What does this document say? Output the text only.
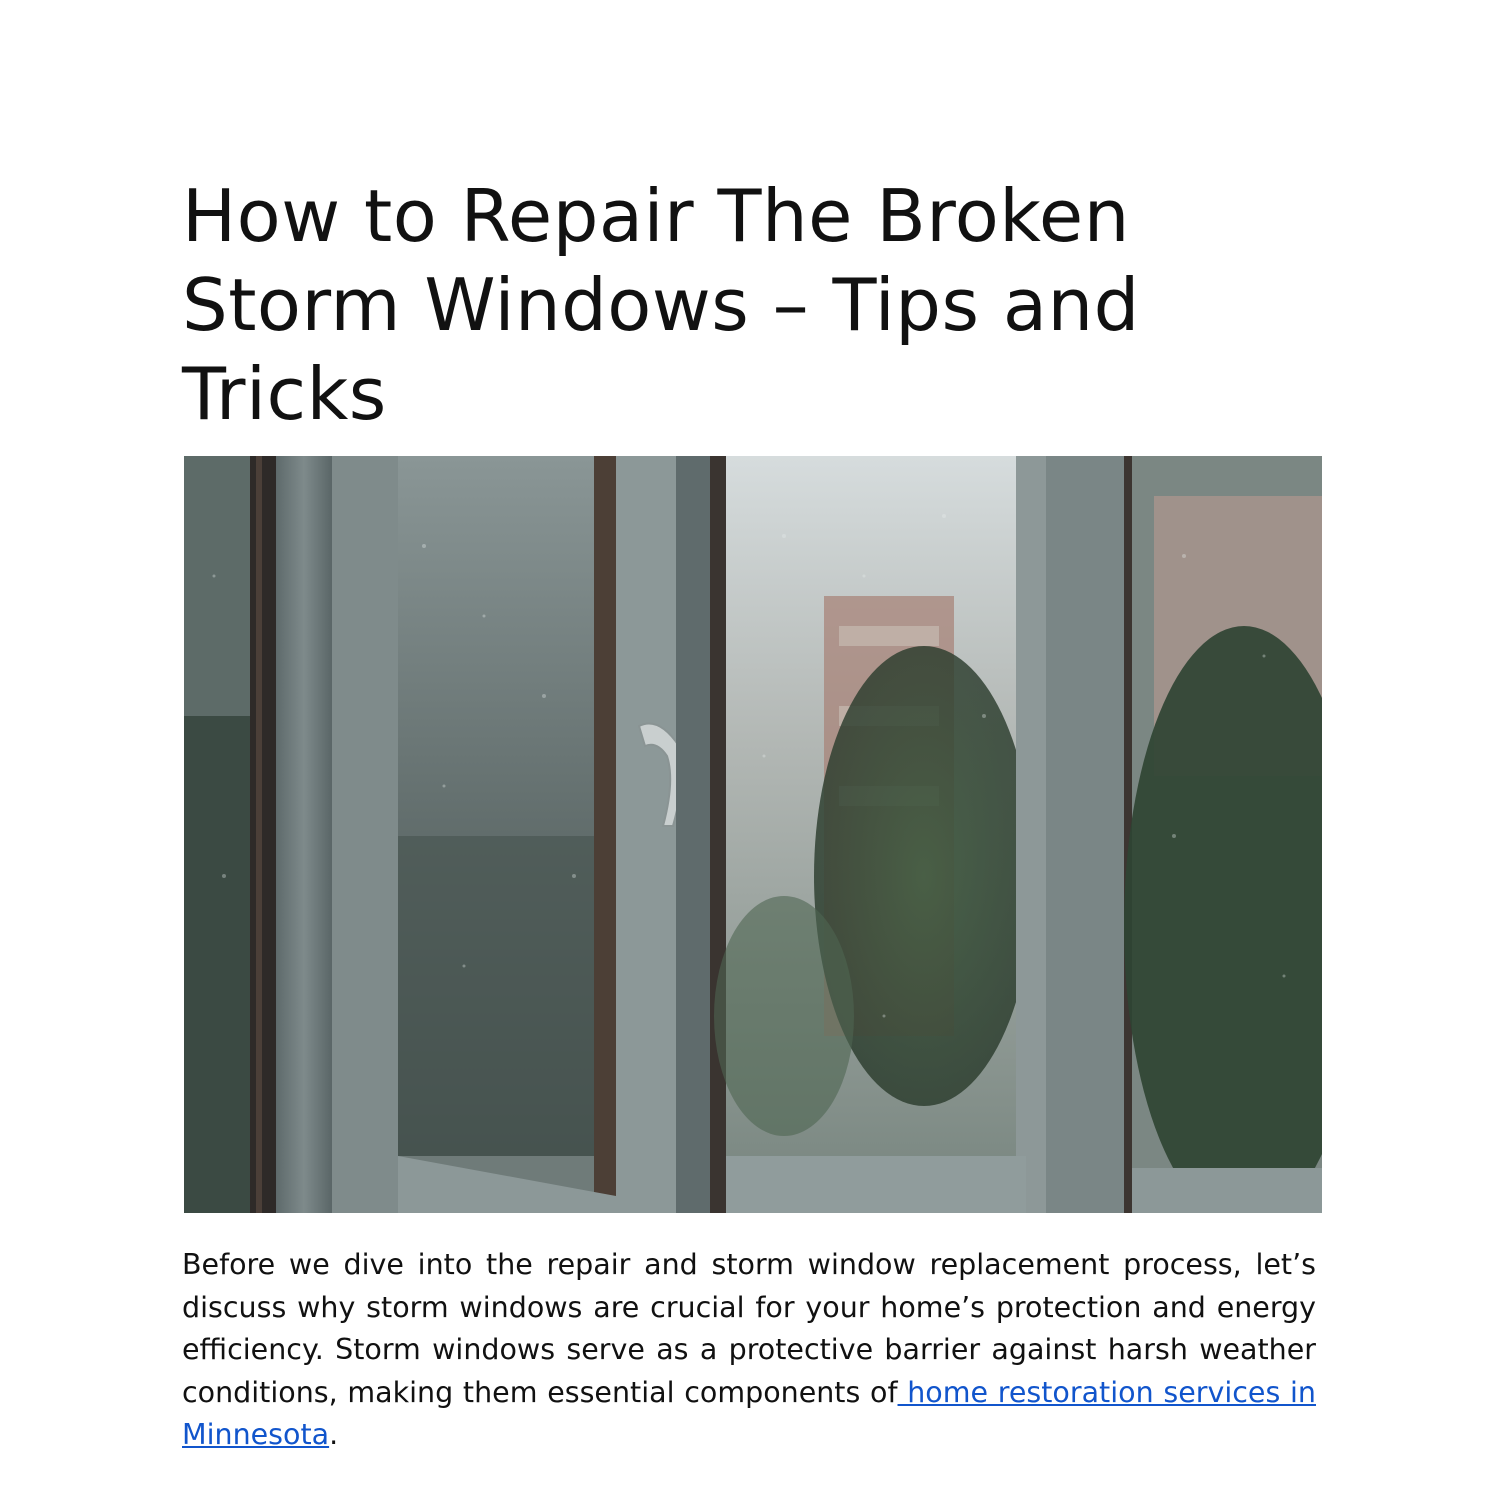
How to Repair The Broken Storm Windows – Tips and Tricks

Before we dive into the repair and storm window replacement process, let’s discuss why storm windows are crucial for your home’s protection and energy efficiency. Storm windows serve as a protective barrier against harsh weather conditions, making them essential components of home restoration services in Minnesota.
